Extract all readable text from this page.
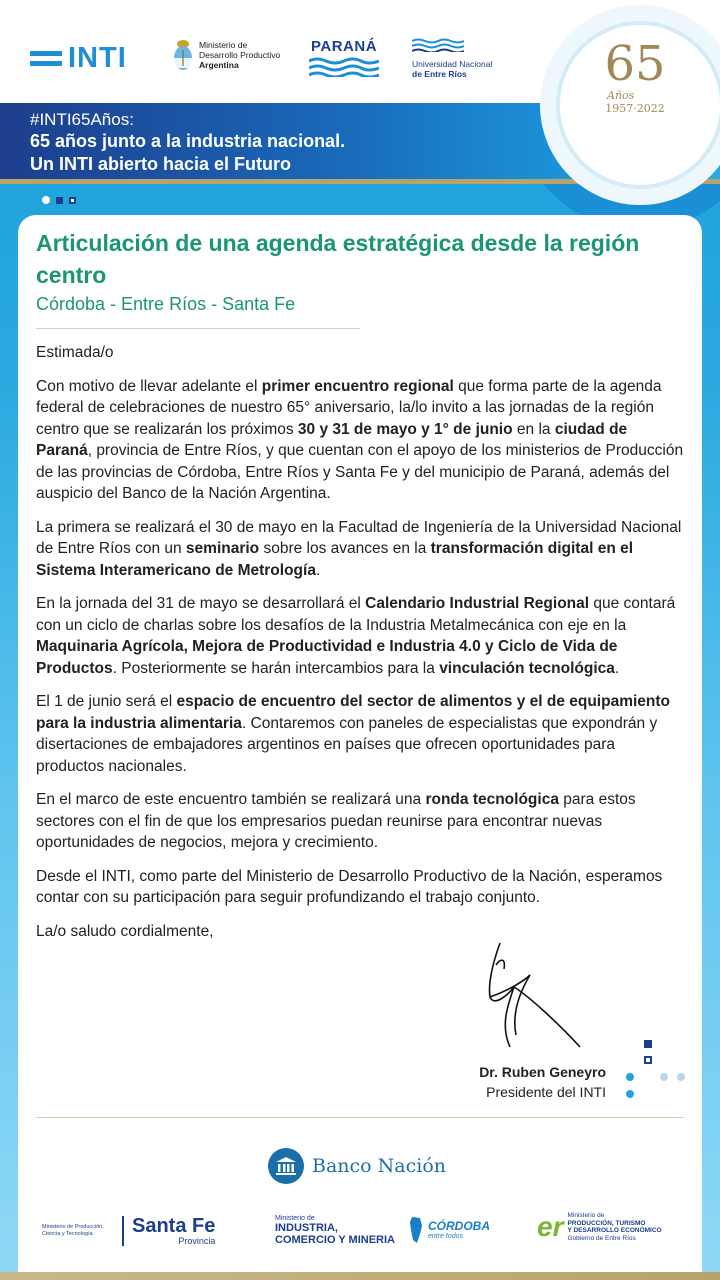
INTI	Ministerio de
Desarrollo Productivo
Argentina
PARANÁ
Universidad Nacional
de Entre Ríos
#INTI65Años:
65 años junto a la industria nacional.
Un INTI abierto hacia el Futuro
65
Años
1957·2022
Articulación de una agenda estratégica desde la región centro
Córdoba - Entre Ríos - Santa Fe

Estimada/o

Con motivo de llevar adelante el primer encuentro regional que forma parte de la agenda federal de celebraciones de nuestro 65° aniversario, la/lo invito a las jornadas de la región centro que se realizarán los próximos 30 y 31 de mayo y 1° de junio en la ciudad de Paraná, provincia de Entre Ríos, y que cuentan con el apoyo de los ministerios de Producción de las provincias de Córdoba, Entre Ríos y Santa Fe y del municipio de Paraná, además del auspicio del Banco de la Nación Argentina.

La primera se realizará el 30 de mayo en la Facultad de Ingeniería de la Universidad Nacional de Entre Ríos con un seminario sobre los avances en la transformación digital en el Sistema Interamericano de Metrología.

En la jornada del 31 de mayo se desarrollará el Calendario Industrial Regional que contará con un ciclo de charlas sobre los desafíos de la Industria Metalmecánica con eje en la Maquinaria Agrícola, Mejora de Productividad e Industria 4.0 y Ciclo de Vida de Productos. Posteriormente se harán intercambios para la vinculación tecnológica.

El 1 de junio será el espacio de encuentro del sector de alimentos y el de equipamiento para la industria alimentaria. Contaremos con paneles de especialistas que expondrán y disertaciones de embajadores argentinos en países que ofrecen oportunidades para productos nacionales.

En el marco de este encuentro también se realizará una ronda tecnológica para estos sectores con el fin de que los empresarios puedan reunirse para encontrar nuevas oportunidades de negocios, mejora y crecimiento.

Desde el INTI, como parte del Ministerio de Desarrollo Productivo de la Nación, esperamos contar con su participación para seguir profundizando el trabajo conjunto.

La/o saludo cordialmente,

Dr. Ruben Geneyro
Presidente del INTI
Banco Nación
Ministerio de Producción, Ciencia y Tecnología	Santa Fe
Provincia
Ministerio de
INDUSTRIA,
COMERCIO Y MINERIA
CÓRDOBA
entre todos	er Ministerio de
PRODUCCIÓN, TURISMO
Y DESARROLLO ECONÓMICO
Gobierno de Entre Ríos
